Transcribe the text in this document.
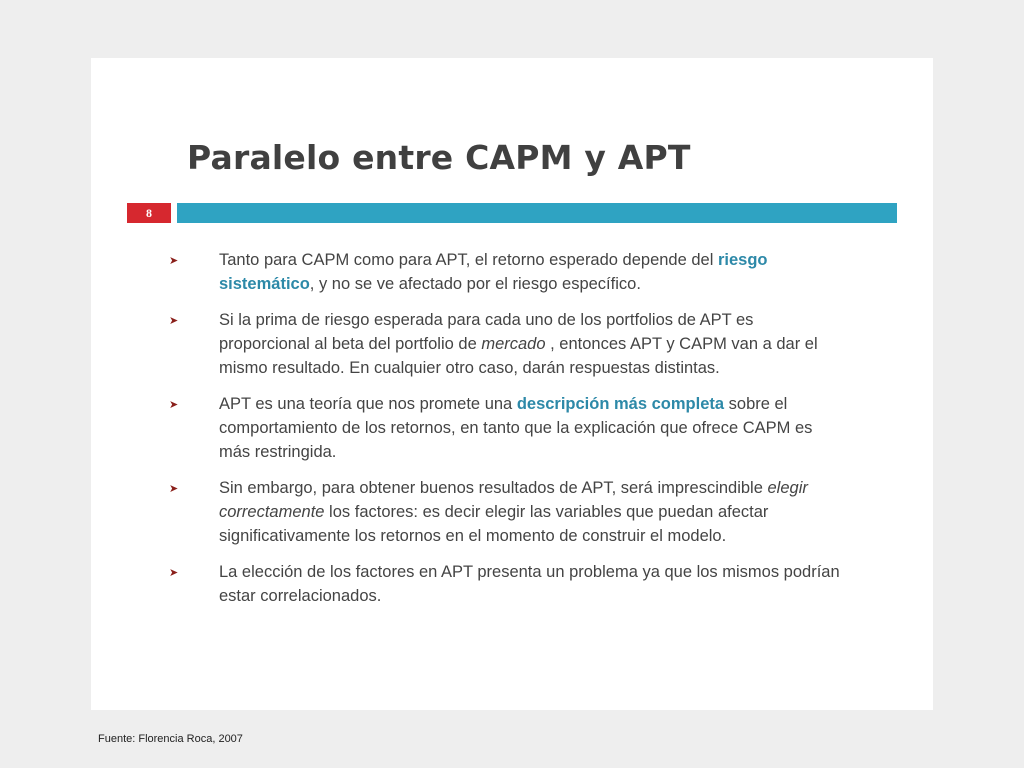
Paralelo entre CAPM y APT
8
➤ Tanto para CAPM como para APT, el retorno esperado depende del riesgo sistemático, y no se ve afectado por el riesgo específico.
➤ Si la prima de riesgo esperada para cada uno de los portfolios de APT es proporcional al beta del portfolio de mercado , entonces APT y CAPM van a dar el mismo resultado. En cualquier otro caso, darán respuestas distintas.
➤ APT es una teoría que nos promete una descripción más completa sobre el comportamiento de los retornos, en tanto que la explicación que ofrece CAPM es más restringida.
➤ Sin embargo, para obtener buenos resultados de APT, será imprescindible elegir correctamente los factores: es decir elegir las variables que puedan afectar significativamente los retornos en el momento de construir el modelo.
➤ La elección de los factores en APT presenta un problema ya que los mismos podrían estar correlacionados.
Fuente: Florencia Roca, 2007
